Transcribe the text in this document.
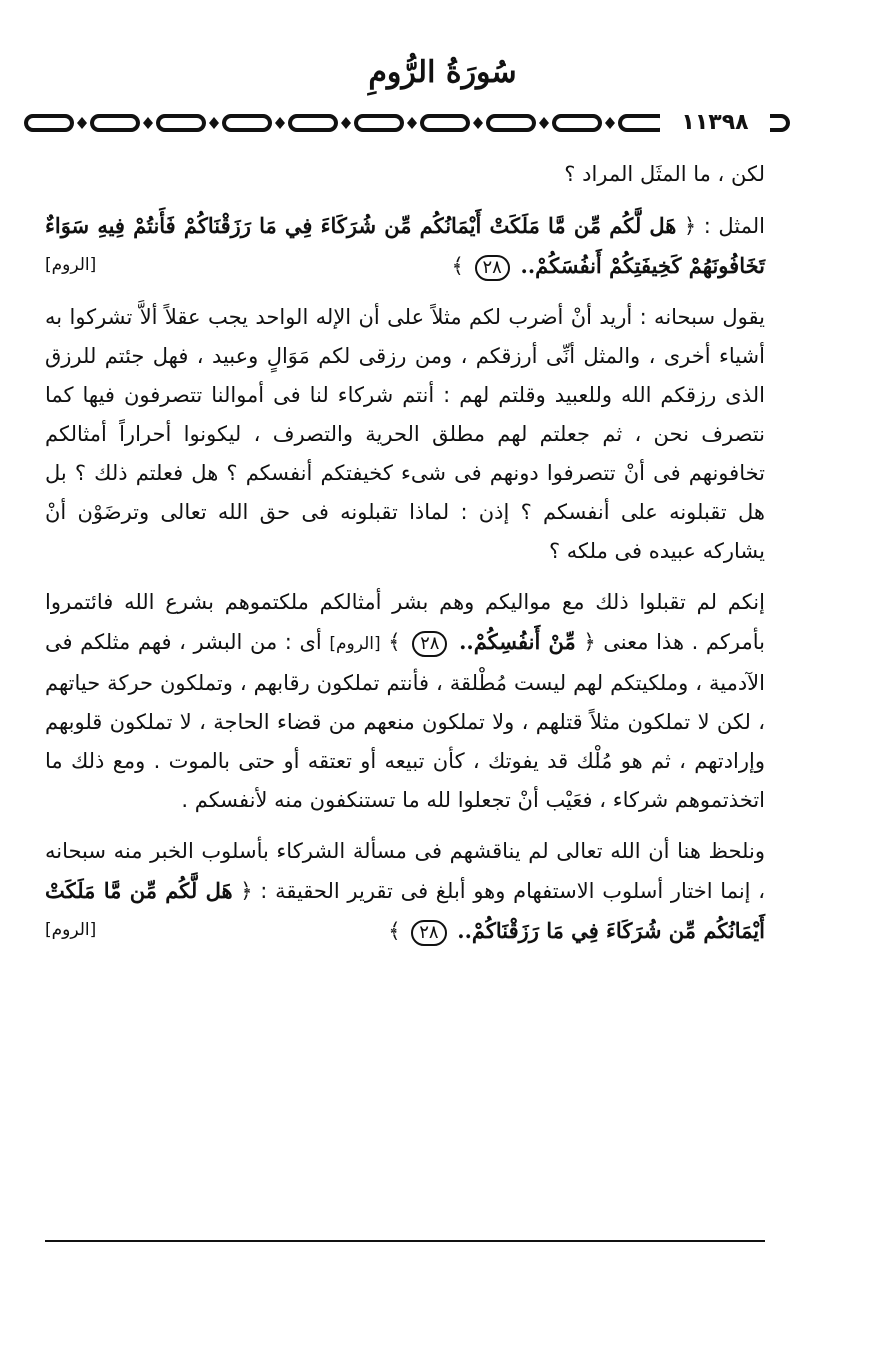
سُورَةُ الرُّومِ
١١٣٩٨

لكن ، ما المثَل المراد ؟

المثل : ﴿ هَل لَّكُم مِّن مَّا مَلَكَتْ أَيْمَانُكُم مِّن شُرَكَاءَ فِي مَا رَزَقْنَاكُمْ فَأَنتُمْ فِيهِ سَوَاءٌ تَخَافُونَهُمْ كَخِيفَتِكُمْ أَنفُسَكُمْ.. ٢٨ ﴾
[الروم]

يقول سبحانه : أريد أنْ أضرب لكم مثلاً على أن الإله الواحد يجب عقلاً ألاَّ تشركوا به أشياء أخرى ، والمثل أنِّى أرزقكم ، ومن رزقى لكم مَوَالٍ وعبيد ، فهل جئتم للرزق الذى رزقكم الله وللعبيد وقلتم لهم : أنتم شركاء لنا فى أموالنا تتصرفون فيها كما نتصرف نحن ، ثم جعلتم لهم مطلق الحرية والتصرف ، ليكونوا أحراراً أمثالكم تخافونهم فى أنْ تتصرفوا دونهم فى شىء كخيفتكم أنفسكم ؟ هل فعلتم ذلك ؟ بل هل تقبلونه على أنفسكم ؟ إذن : لماذا تقبلونه فى حق الله تعالى وترضَوْن أنْ يشاركه عبيده فى ملكه ؟

إنكم لم تقبلوا ذلك مع مواليكم وهم بشر أمثالكم ملكتموهم بشرع الله فائتمروا بأمركم . هذا معنى ﴿ مِّنْ أَنفُسِكُمْ.. ٢٨ ﴾ [الروم] أى : من البشر ، فهم مثلكم فى الآدمية ، وملكيتكم لهم ليست مُطْلقة ، فأنتم تملكون رقابهم ، وتملكون حركة حياتهم ، لكن لا تملكون مثلاً قتلهم ، ولا تملكون منعهم من قضاء الحاجة ، لا تملكون قلوبهم وإرادتهم ، ثم هو مُلْك قد يفوتك ، كأن تبيعه أو تعتقه أو حتى بالموت . ومع ذلك ما اتخذتموهم شركاء ، فعَيْب أنْ تجعلوا لله ما تستنكفون منه لأنفسكم .

ونلحظ هنا أن الله تعالى لم يناقشهم فى مسألة الشركاء بأسلوب الخبر منه سبحانه ، إنما اختار أسلوب الاستفهام وهو أبلغ فى تقرير الحقيقة : ﴿ هَل لَّكُم مِّن مَّا مَلَكَتْ أَيْمَانُكُم مِّن شُرَكَاءَ فِي مَا رَزَقْنَاكُمْ.. ٢٨ ﴾
[الروم]
